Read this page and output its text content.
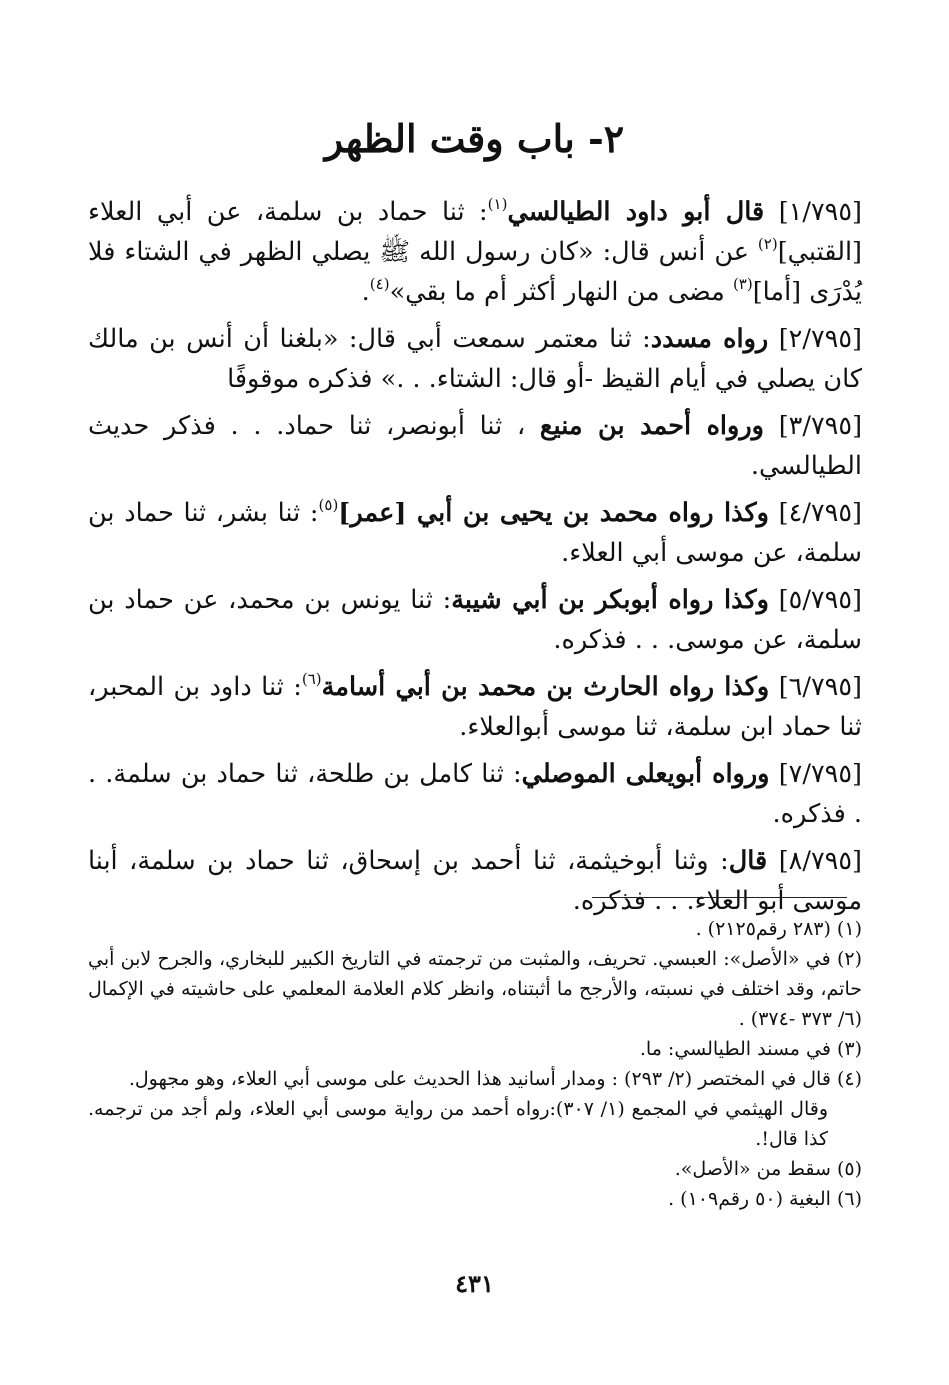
٢- باب وقت الظهر

[١/٧٩٥] قال أبو داود الطيالسي$^{(١)}$: ثنا حماد بن سلمة، عن أبي العلاء [القتبي]$^{(٢)}$ عن أنس قال: «كان رسول الله ﷺ يصلي الظهر في الشتاء فلا يُدْرَى [أما]$^{(٣)}$ مضى من النهار أكثر أم ما بقي»$^{(٤)}$.

[٢/٧٩٥] رواه مسدد: ثنا معتمر سمعت أبي قال: «بلغنا أن أنس بن مالك كان يصلي في أيام القيظ -أو قال: الشتاء. . .» فذكره موقوفًا

[٣/٧٩٥] ورواه أحمد بن منيع ، ثنا أبونصر، ثنا حماد. . . فذكر حديث الطيالسي.

[٤/٧٩٥] وكذا رواه محمد بن يحيى بن أبي [عمر]$^{(٥)}$: ثنا بشر، ثنا حماد بن سلمة، عن موسى أبي العلاء.

[٥/٧٩٥] وكذا رواه أبوبكر بن أبي شيبة: ثنا يونس بن محمد، عن حماد بن سلمة، عن موسى. . . فذكره.

[٦/٧٩٥] وكذا رواه الحارث بن محمد بن أبي أسامة$^{(٦)}$: ثنا داود بن المحبر، ثنا حماد ابن سلمة، ثنا موسى أبوالعلاء.

[٧/٧٩٥] ورواه أبويعلى الموصلي: ثنا كامل بن طلحة، ثنا حماد بن سلمة. . . فذكره.

[٨/٧٩٥] قال: وثنا أبوخيثمة، ثنا أحمد بن إسحاق، ثنا حماد بن سلمة، أبنا موسى أبو العلاء. . . فذكره.

(١) (٢٨٣ رقم٢١٢٥) .

(٢) في «الأصل»: العبسي. تحريف، والمثبت من ترجمته في التاريخ الكبير للبخاري، والجرح لابن أبي حاتم، وقد اختلف في نسبته، والأرجح ما أثبتناه، وانظر كلام العلامة المعلمي على حاشيته في الإكمال (٦/ ٣٧٣ -٣٧٤) .

(٣) في مسند الطيالسي: ما.

(٤) قال في المختصر (٢/ ٢٩٣) : ومدار أسانيد هذا الحديث على موسى أبي العلاء، وهو مجهول.

وقال الهيثمي في المجمع (١/ ٣٠٧):رواه أحمد من رواية موسى أبي العلاء، ولم أجد من ترجمه. كذا قال!.

(٥) سقط من «الأصل».

(٦) البغية (٥٠ رقم١٠٩) .

٤٣١
